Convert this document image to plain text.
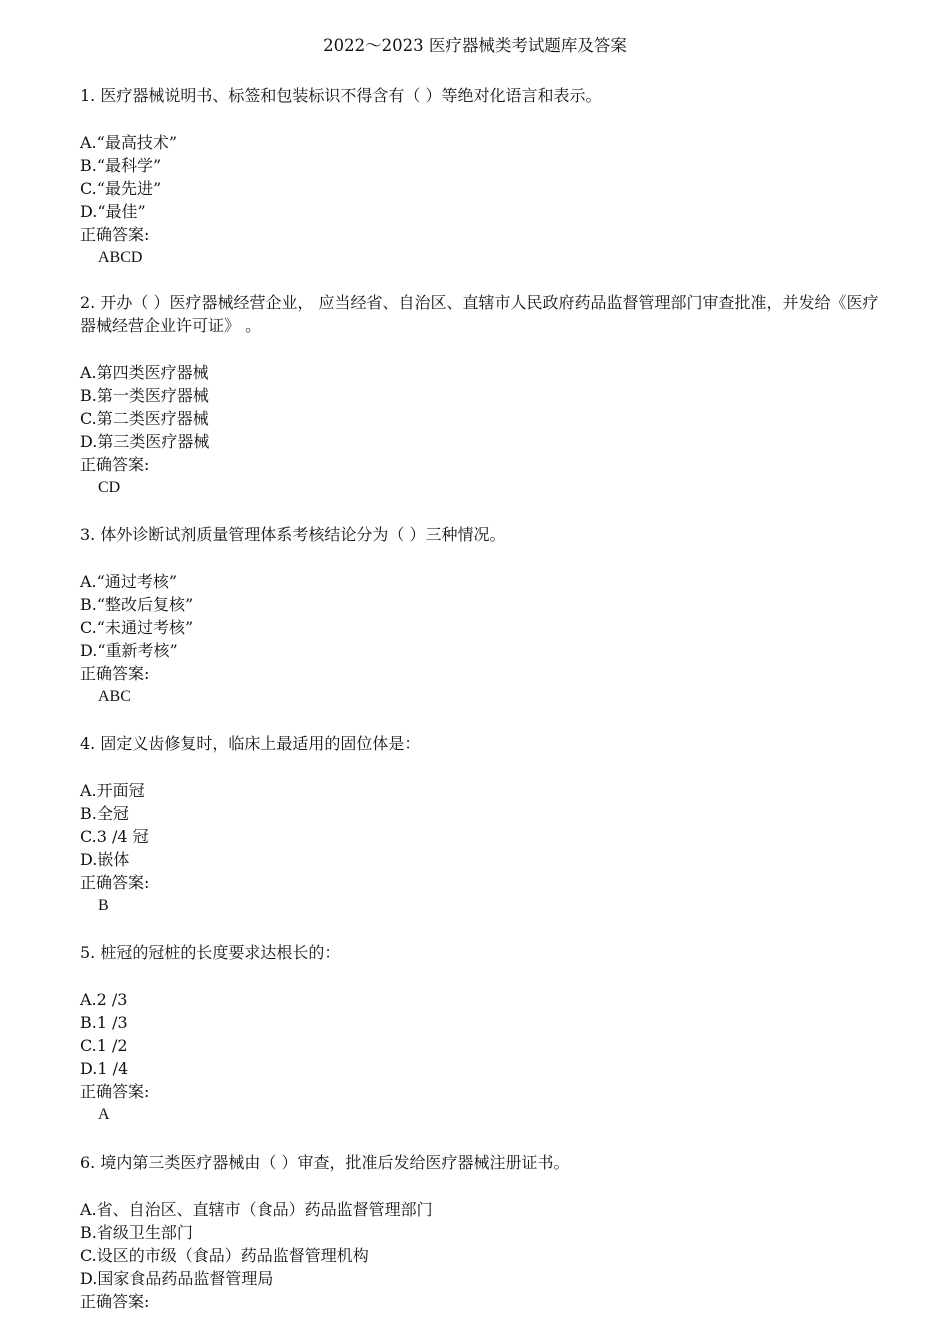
2022～2023 医疗器械类考试题库及答案
1. 医疗器械说明书、标签和包装标识不得含有（ ）等绝对化语言和表示。
A.“最高技术”
B.“最科学”
C.“最先进”
D.“最佳”
正确答案:
ABCD
2. 开办（ ）医疗器械经营企业， 应当经省、自治区、直辖市人民政府药品监督管理部门审查批准，并发给《医疗器械经营企业许可证》 。
A.第四类医疗器械
B.第一类医疗器械
C.第二类医疗器械
D.第三类医疗器械
正确答案:
CD
3. 体外诊断试剂质量管理体系考核结论分为（ ）三种情况。
A.“通过考核”
B.“整改后复核”
C.“未通过考核”
D.“重新考核”
正确答案:
ABC
4. 固定义齿修复时，临床上最适用的固位体是：
A.开面冠
B.全冠
C.3 /4 冠
D.嵌体
正确答案:
B
5. 桩冠的冠桩的长度要求达根长的：
A.2 /3
B.1 /3
C.1 /2
D.1 /4
正确答案:
A
6. 境内第三类医疗器械由（ ）审查，批准后发给医疗器械注册证书。
A.省、自治区、直辖市（食品）药品监督管理部门
B.省级卫生部门
C.设区的市级（食品）药品监督管理机构
D.国家食品药品监督管理局
正确答案:
